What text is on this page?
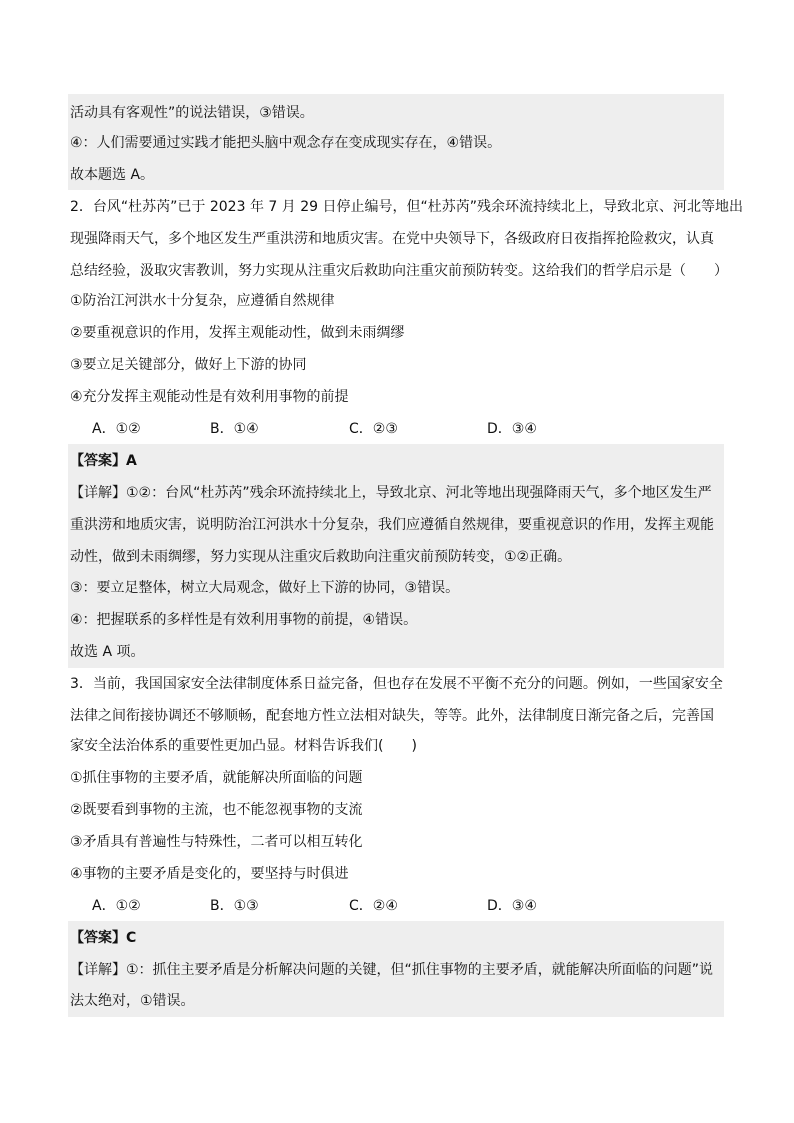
活动具有客观性”的说法错误，③错误。
④：人们需要通过实践才能把头脑中观念存在变成现实存在，④错误。
故本题选 A。
2．台风“杜苏芮”已于 2023 年 7 月 29 日停止编号，但“杜苏芮”残余环流持续北上，导致北京、河北等地出
现强降雨天气，多个地区发生严重洪涝和地质灾害。在党中央领导下，各级政府日夜指挥抢险救灾，认真
总结经验，汲取灾害教训，努力实现从注重灾后救助向注重灾前预防转变。这给我们的哲学启示是（　　）
①防治江河洪水十分复杂，应遵循自然规律
②要重视意识的作用，发挥主观能动性，做到未雨绸缪
③要立足关键部分，做好上下游的协同
④充分发挥主观能动性是有效利用事物的前提
A．①②	B．①④	C．②③	D．③④
【答案】A
【详解】①②：台风“杜苏芮”残余环流持续北上，导致北京、河北等地出现强降雨天气，多个地区发生严
重洪涝和地质灾害，说明防治江河洪水十分复杂，我们应遵循自然规律，要重视意识的作用，发挥主观能
动性，做到未雨绸缪，努力实现从注重灾后救助向注重灾前预防转变，①②正确。
③：要立足整体，树立大局观念，做好上下游的协同，③错误。
④：把握联系的多样性是有效利用事物的前提，④错误。
故选 A 项。
3．当前，我国国家安全法律制度体系日益完备，但也存在发展不平衡不充分的问题。例如，一些国家安全
法律之间衔接协调还不够顺畅，配套地方性立法相对缺失，等等。此外，法律制度日渐完备之后，完善国
家安全法治体系的重要性更加凸显。材料告诉我们(　　)
①抓住事物的主要矛盾，就能解决所面临的问题
②既要看到事物的主流，也不能忽视事物的支流
③矛盾具有普遍性与特殊性，二者可以相互转化
④事物的主要矛盾是变化的，要坚持与时俱进
A．①②	B．①③	C．②④	D．③④
【答案】C
【详解】①：抓住主要矛盾是分析解决问题的关键，但“抓住事物的主要矛盾，就能解决所面临的问题”说
法太绝对，①错误。
